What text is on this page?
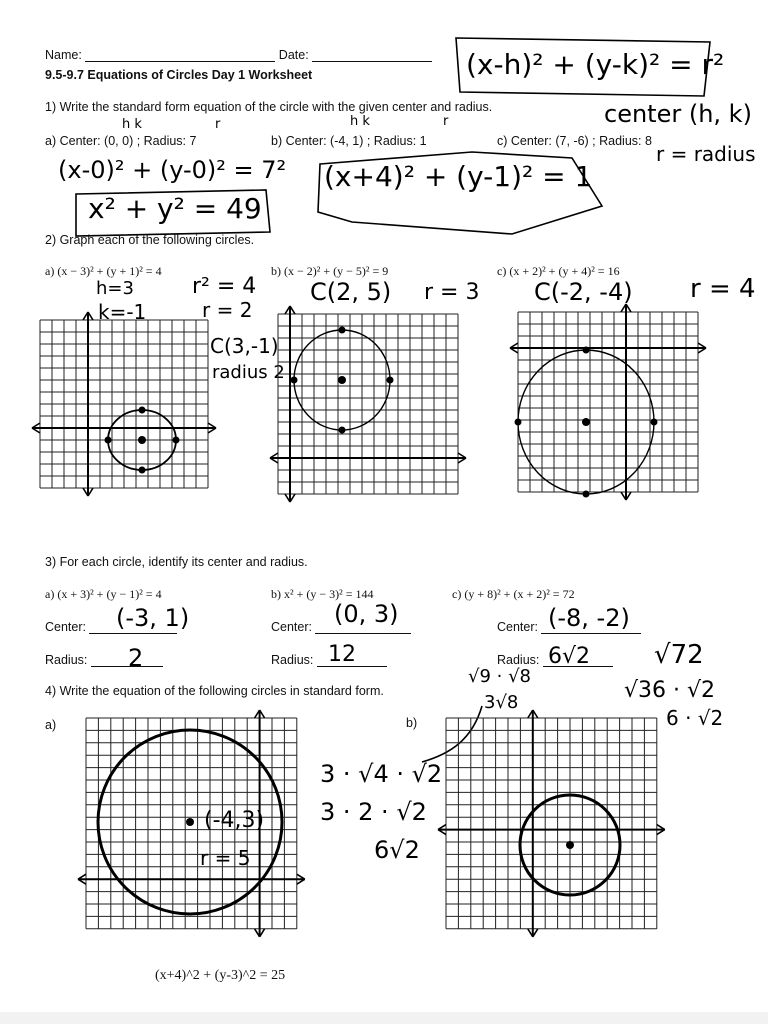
Name:	Date:
9.5-9.7 Equations of Circles Day 1 Worksheet	(x-h)² + (y-k)² = r²
center (h, k)
r = radius
1) Write the standard form equation of the circle with the given center and radius.
h k	r	h k	r
a) Center: (0, 0) ; Radius: 7	b) Center: (-4, 1) ; Radius: 1	c) Center: (7, -6) ; Radius: 8
(x-0)² + (y-0)² = 7²
x² + y² = 49
(x+4)² + (y-1)² = 1
2) Graph each of the following circles.
a) (x − 3)² + (y + 1)² = 4	b) (x − 2)² + (y − 5)² = 9	c) (x + 2)² + (y + 4)² = 16
h=3
k=-1
r² = 4
r = 2
C(3,-1)
radius 2
C(2, 5) r = 3 C(-2, -4) r = 4
3) For each circle, identify its center and radius.
a) (x + 3)² + (y − 1)² = 4	b) x² + (y − 3)² = 144	c) (y + 8)² + (x + 2)² = 72
Center:	Center:	Center:
(-3, 1)	(0, 3)	(-8, -2)
Radius:	Radius:	Radius:
2	12	6√2 √72
√36 · √2
6 · √2
4) Write the equation of the following circles in standard form.
a)	b)
√9 · √8
3√8
3 · √4 · √2
3 · 2 · √2
6√2
(-4,3)
r = 5
(x+4)^2 + (y-3)^2 = 25
